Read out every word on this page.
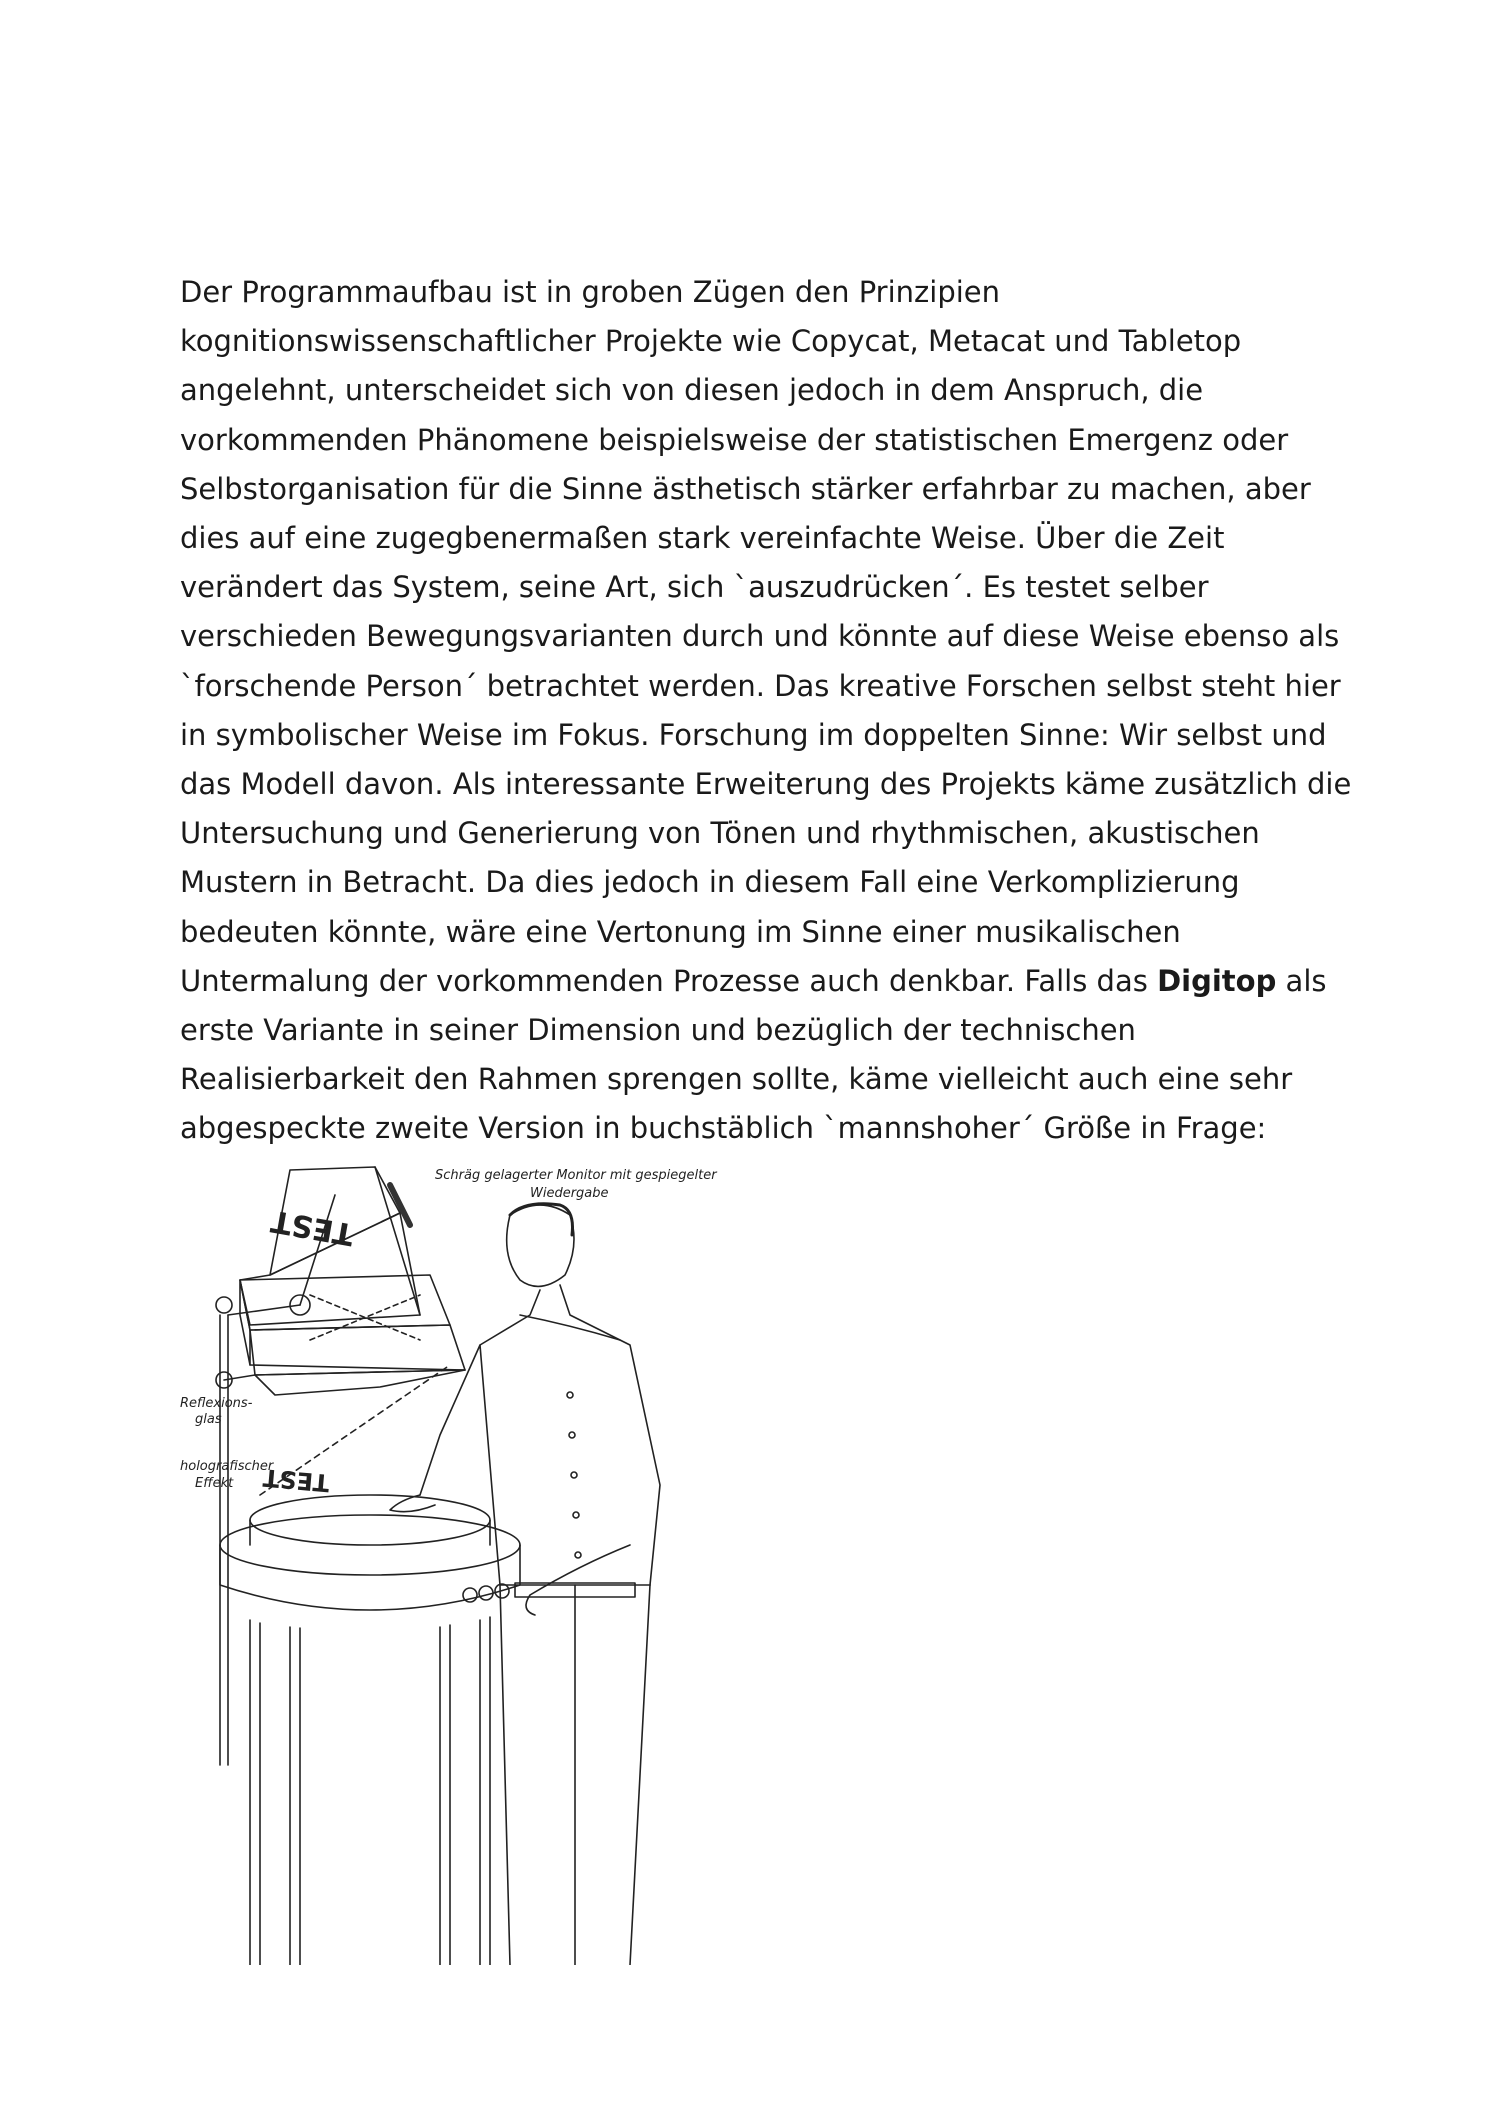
Der Programmaufbau ist in groben Zügen den Prinzipien
kognitionswissenschaftlicher Projekte wie Copycat, Metacat und Tabletop
angelehnt, unterscheidet sich von diesen jedoch in dem Anspruch, die
vorkommenden Phänomene beispielsweise der statistischen Emergenz oder
Selbstorganisation für die Sinne ästhetisch stärker erfahrbar zu machen, aber
dies auf eine zugegbenermaßen stark vereinfachte Weise. Über die Zeit
verändert das System, seine Art, sich `auszudrücken´. Es testet selber
verschieden Bewegungsvarianten durch und könnte auf diese Weise ebenso als
`forschende Person´ betrachtet werden. Das kreative Forschen selbst steht hier
in symbolischer Weise im Fokus. Forschung im doppelten Sinne: Wir selbst und
das Modell davon. Als interessante Erweiterung des Projekts käme zusätzlich die
Untersuchung und Generierung von Tönen und rhythmischen, akustischen
Mustern in Betracht. Da dies jedoch in diesem Fall eine Verkomplizierung
bedeuten könnte, wäre eine Vertonung im Sinne einer musikalischen
Untermalung der vorkommenden Prozesse auch denkbar. Falls das Digitop als
erste Variante in seiner Dimension und bezüglich der technischen
Realisierbarkeit den Rahmen sprengen sollte, käme vielleicht auch eine sehr
abgespeckte zweite Version in buchstäblich `mannshoher´ Größe in Frage:
Schräg gelagerter Monitor mit gespiegelter
Wiedergabe
Reflexions-
glas
holografischer
Effekt
TEST
TEST
